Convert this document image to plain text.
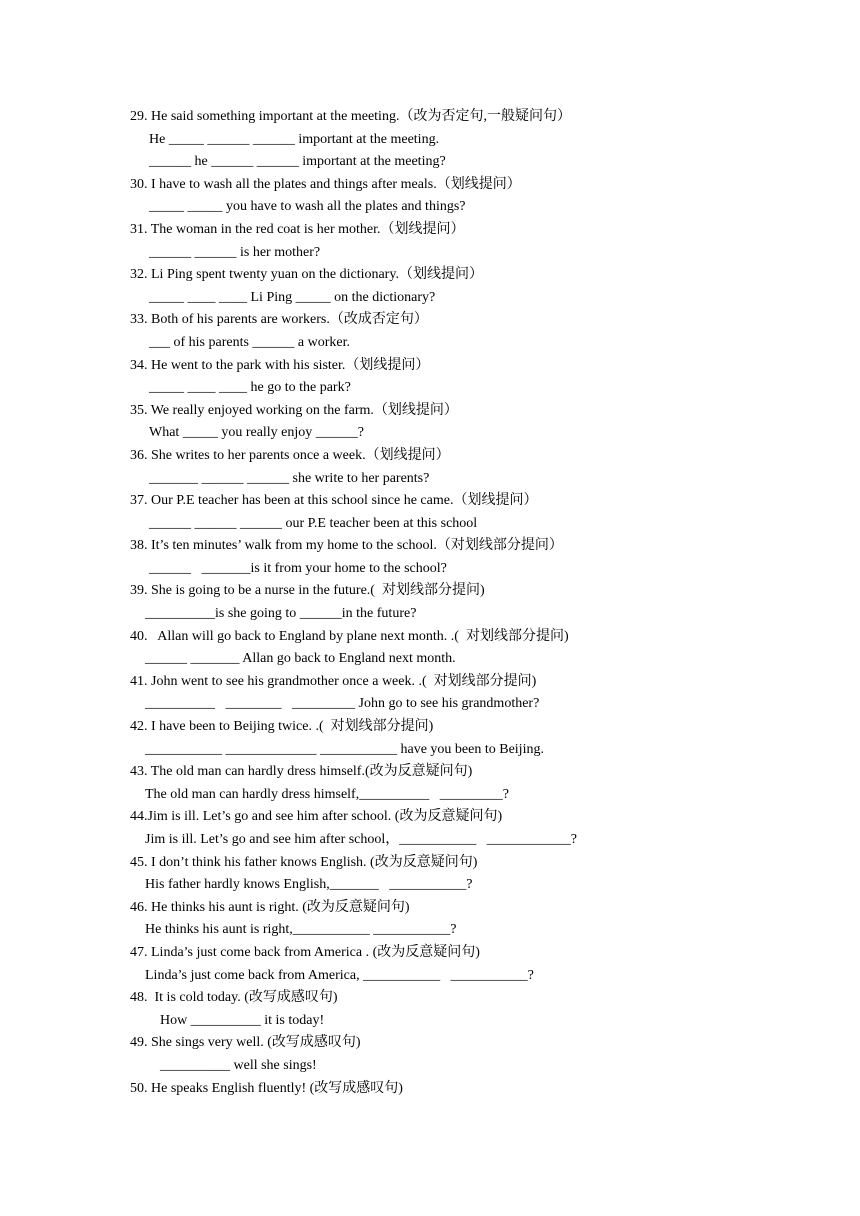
29. He said something important at the meeting.（改为否定句,一般疑问句）
He _____ ______ ______ important at the meeting.
______ he ______ ______ important at the meeting?
30. I have to wash all the plates and things after meals.（划线提问）
_____ _____ you have to wash all the plates and things?
31. The woman in the red coat is her mother.（划线提问）
______ ______ is her mother?
32. Li Ping spent twenty yuan on the dictionary.（划线提问）
_____ ____ ____ Li Ping _____ on the dictionary?
33. Both of his parents are workers.（改成否定句）
___ of his parents ______ a worker.
34. He went to the park with his sister.（划线提问）
_____ ____ ____ he go to the park?
35. We really enjoyed working on the farm.（划线提问）
What _____ you really enjoy ______?
36. She writes to her parents once a week.（划线提问）
_______ ______ ______ she write to her parents?
37. Our P.E teacher has been at this school since he came.（划线提问）
______ ______ ______ our P.E teacher been at this school
38. It’s ten minutes’ walk from my home to the school.（对划线部分提问）
______   _______is it from your home to the school?
39. She is going to be a nurse in the future.(  对划线部分提问)
__________is she going to ______in the future?
40.   Allan will go back to England by plane next month. .(  对划线部分提问)
______ _______ Allan go back to England next month.
41. John went to see his grandmother once a week. .(  对划线部分提问)
__________   ________   _________ John go to see his grandmother?
42. I have been to Beijing twice. .(  对划线部分提问)
___________ _____________ ___________ have you been to Beijing.
43. The old man can hardly dress himself.(改为反意疑问句)
The old man can hardly dress himself,__________   _________?
44.Jim is ill. Let’s go and see him after school. (改为反意疑问句)
Jim is ill. Let’s go and see him after school，___________   ____________?
45. I don’t think his father knows English. (改为反意疑问句)
His father hardly knows English,_______   ___________?
46. He thinks his aunt is right. (改为反意疑问句)
He thinks his aunt is right,___________ ___________?
47. Linda’s just come back from America . (改为反意疑问句)
Linda’s just come back from America, ___________   ___________?
48.  It is cold today. (改写成感叹句)
How __________ it is today!
49. She sings very well. (改写成感叹句)
__________ well she sings!
50. He speaks English fluently! (改写成感叹句)
